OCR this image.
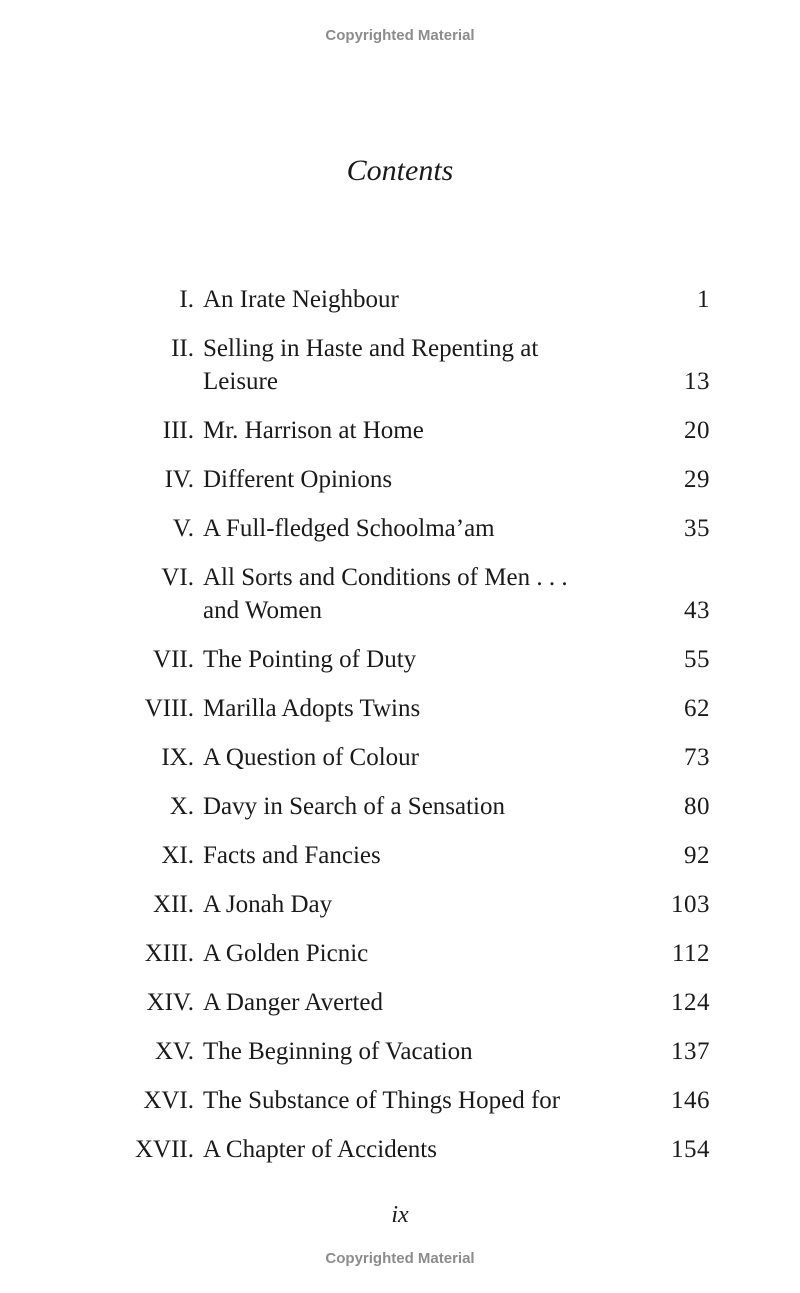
Copyrighted Material
Contents
I. An Irate Neighbour	1
II. Selling in Haste and Repenting at
Leisure	13
III. Mr. Harrison at Home	20
IV. Different Opinions	29
V. A Full-fledged Schoolma’am	35
VI. All Sorts and Conditions of Men . . .
and Women	43
VII. The Pointing of Duty	55
VIII. Marilla Adopts Twins	62
IX. A Question of Colour	73
X. Davy in Search of a Sensation	80
XI. Facts and Fancies	92
XII. A Jonah Day	103
XIII. A Golden Picnic	112
XIV. A Danger Averted	124
XV. The Beginning of Vacation	137
XVI. The Substance of Things Hoped for	146
XVII. A Chapter of Accidents	154
ix
Copyrighted Material
